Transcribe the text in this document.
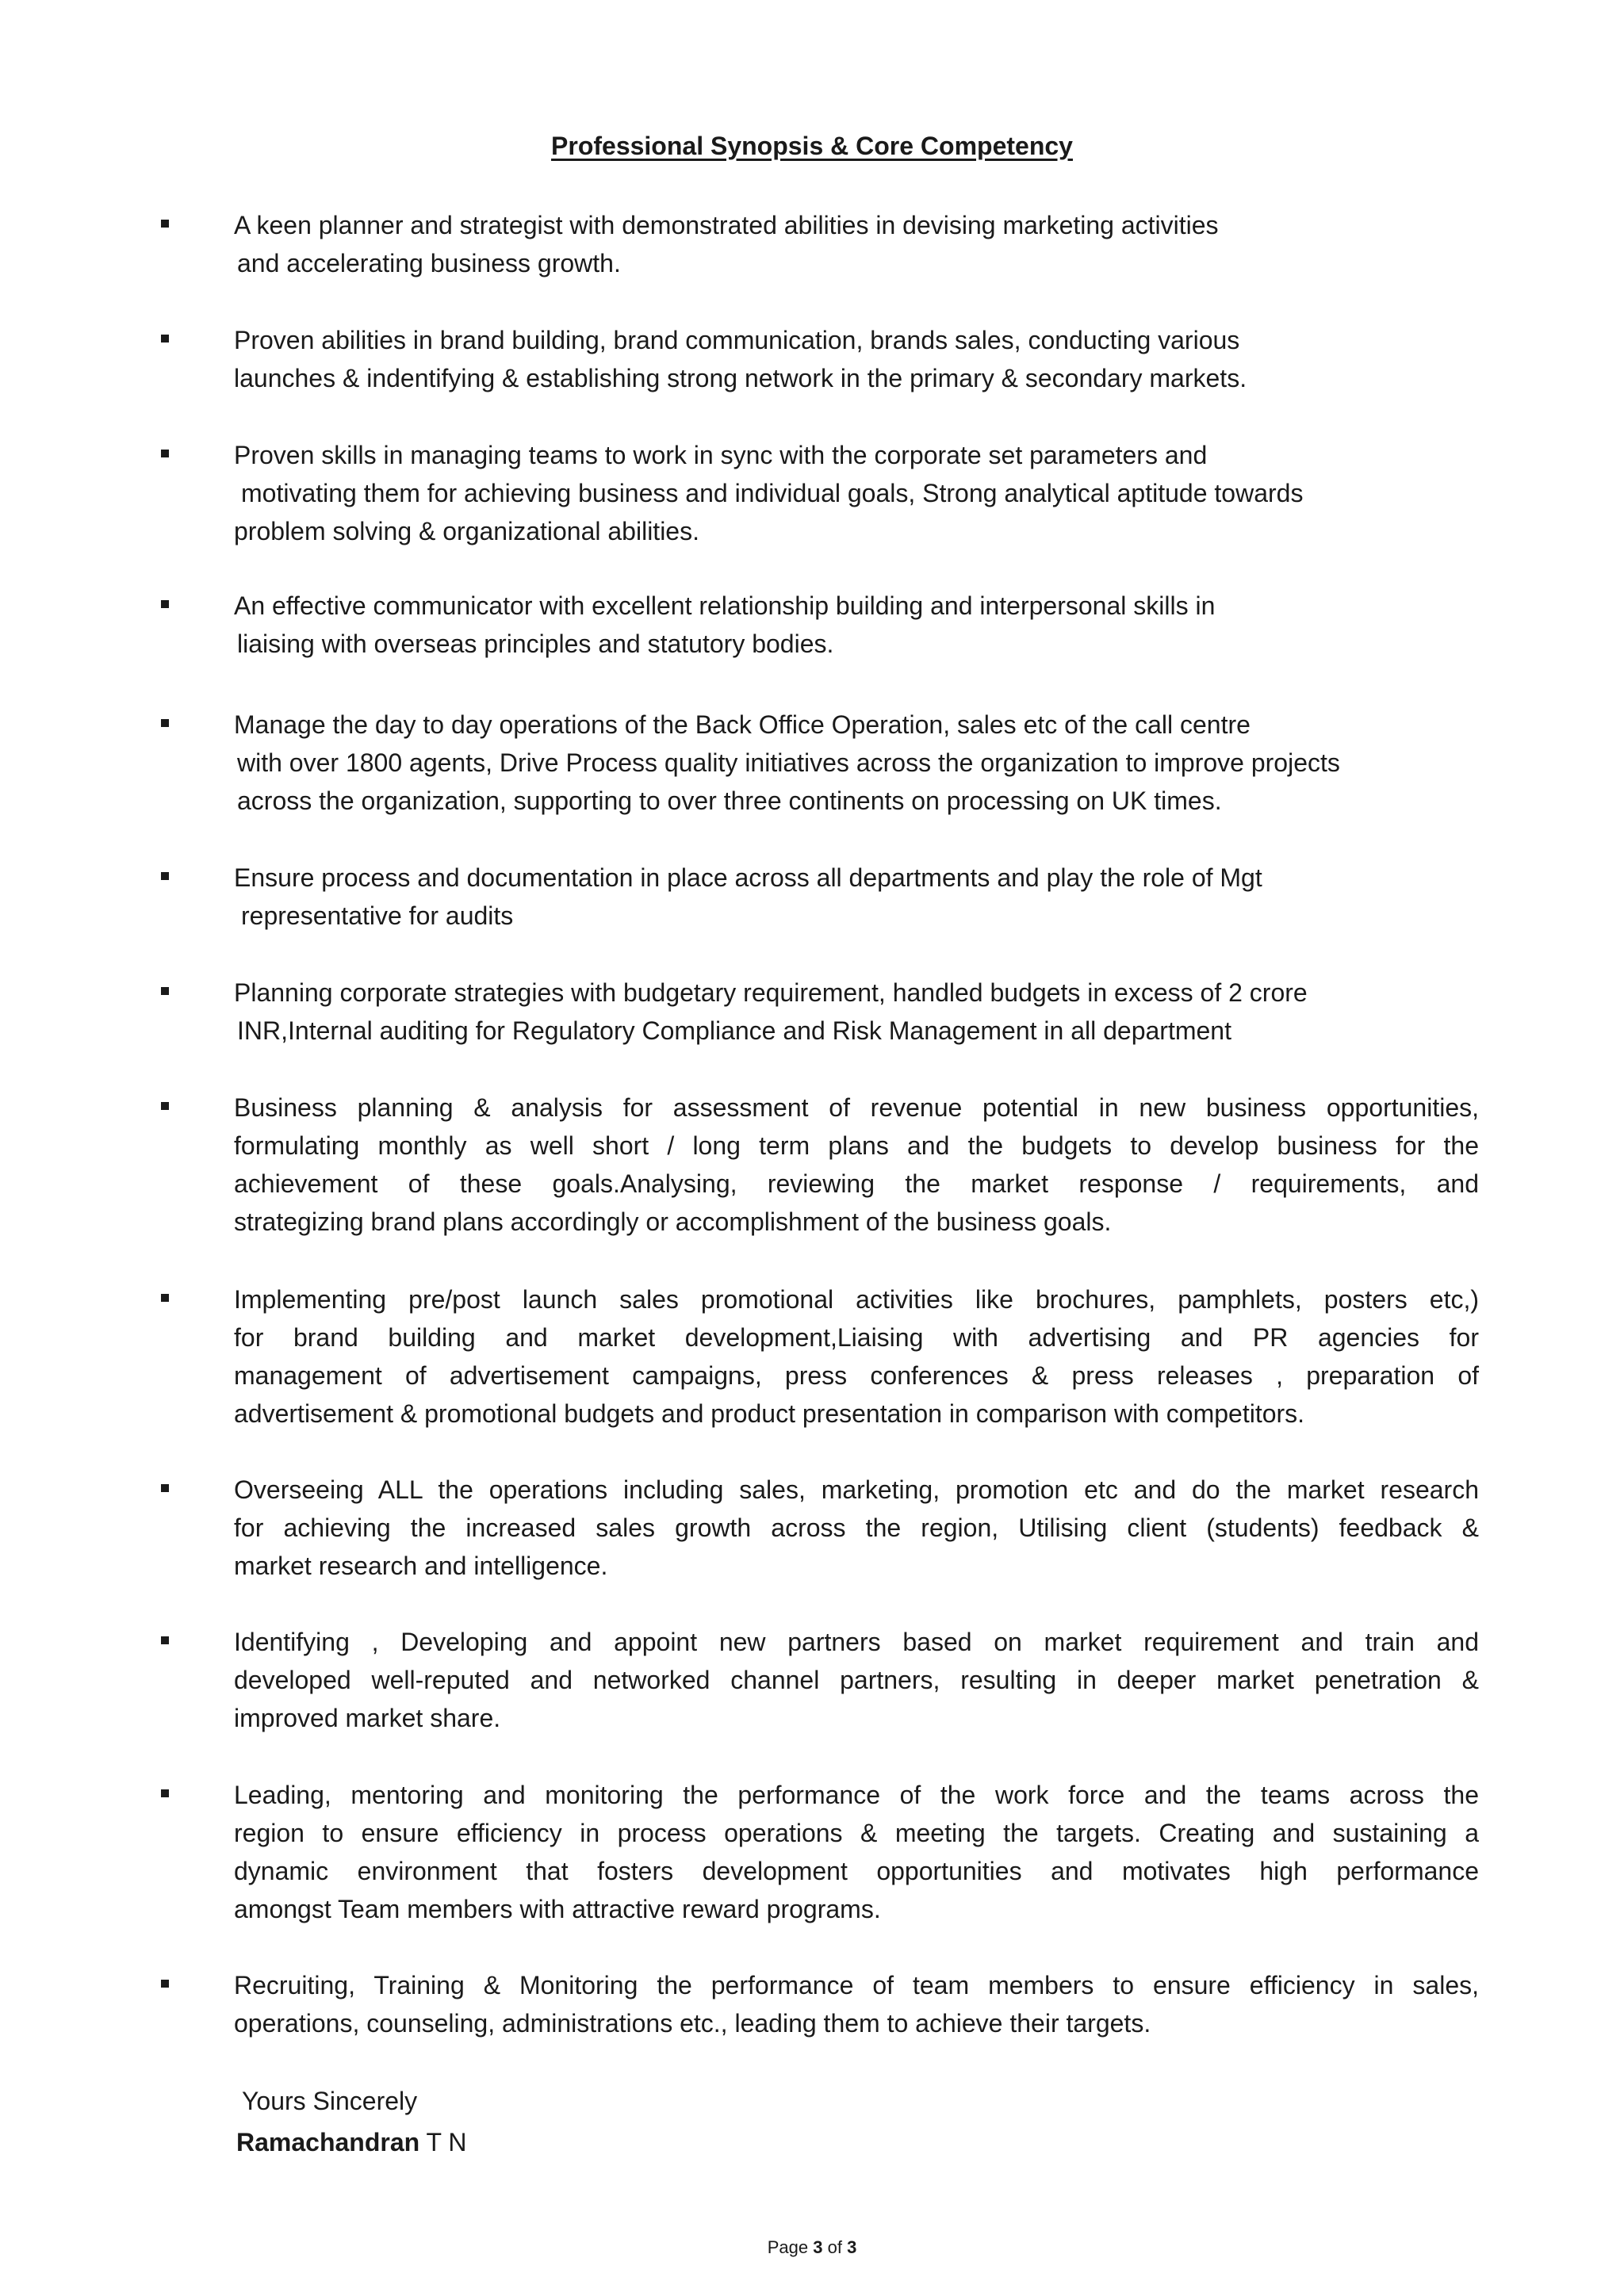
Professional Synopsis & Core Competency

A keen planner and strategist with demonstrated abilities in devising marketing activities
and accelerating business growth.

Proven abilities in brand building, brand communication, brands sales, conducting various
launches & indentifying & establishing strong network in the primary & secondary markets.

Proven skills in managing teams to work in sync with the corporate set parameters and
motivating them for achieving business and individual goals, Strong analytical aptitude towards
problem solving & organizational abilities.

An effective communicator with excellent relationship building and interpersonal skills in
liaising with overseas principles and statutory bodies.

Manage the day to day operations of the Back Office Operation, sales etc of the call centre
with over 1800 agents, Drive Process quality initiatives across the organization to improve projects
across the organization, supporting to over three continents on processing on UK times.

Ensure process and documentation in place across all departments and play the role of Mgt
representative for audits

Planning corporate strategies with budgetary requirement, handled budgets in excess of 2 crore
INR,Internal auditing for Regulatory Compliance and Risk Management in all department

Business planning & analysis for assessment of revenue potential in new business opportunities,
formulating monthly as well short / long term plans and the budgets to develop business for the
achievement of these goals.Analysing, reviewing the market response / requirements, and
strategizing brand plans accordingly or accomplishment of the business goals.

Implementing pre/post launch sales promotional activities like brochures, pamphlets, posters etc,)
for brand building and market development,Liaising with advertising and PR agencies for
management of advertisement campaigns, press conferences & press releases , preparation of
advertisement & promotional budgets and product presentation in comparison with competitors.

Overseeing ALL the operations including sales, marketing, promotion etc and do the market research
for achieving the increased sales growth across the region, Utilising client (students) feedback &
market research and intelligence.

Identifying , Developing and appoint new partners based on market requirement and train and
developed well-reputed and networked channel partners, resulting in deeper market penetration &
improved market share.

Leading, mentoring and monitoring the performance of the work force and the teams across the
region to ensure efficiency in process operations & meeting the targets. Creating and sustaining a
dynamic environment that fosters development opportunities and motivates high performance
amongst Team members with attractive reward programs.

Recruiting, Training & Monitoring the performance of team members to ensure efficiency in sales,
operations, counseling, administrations etc., leading them to achieve their targets.

Yours Sincerely
Ramachandran T N
Page 3 of 3
